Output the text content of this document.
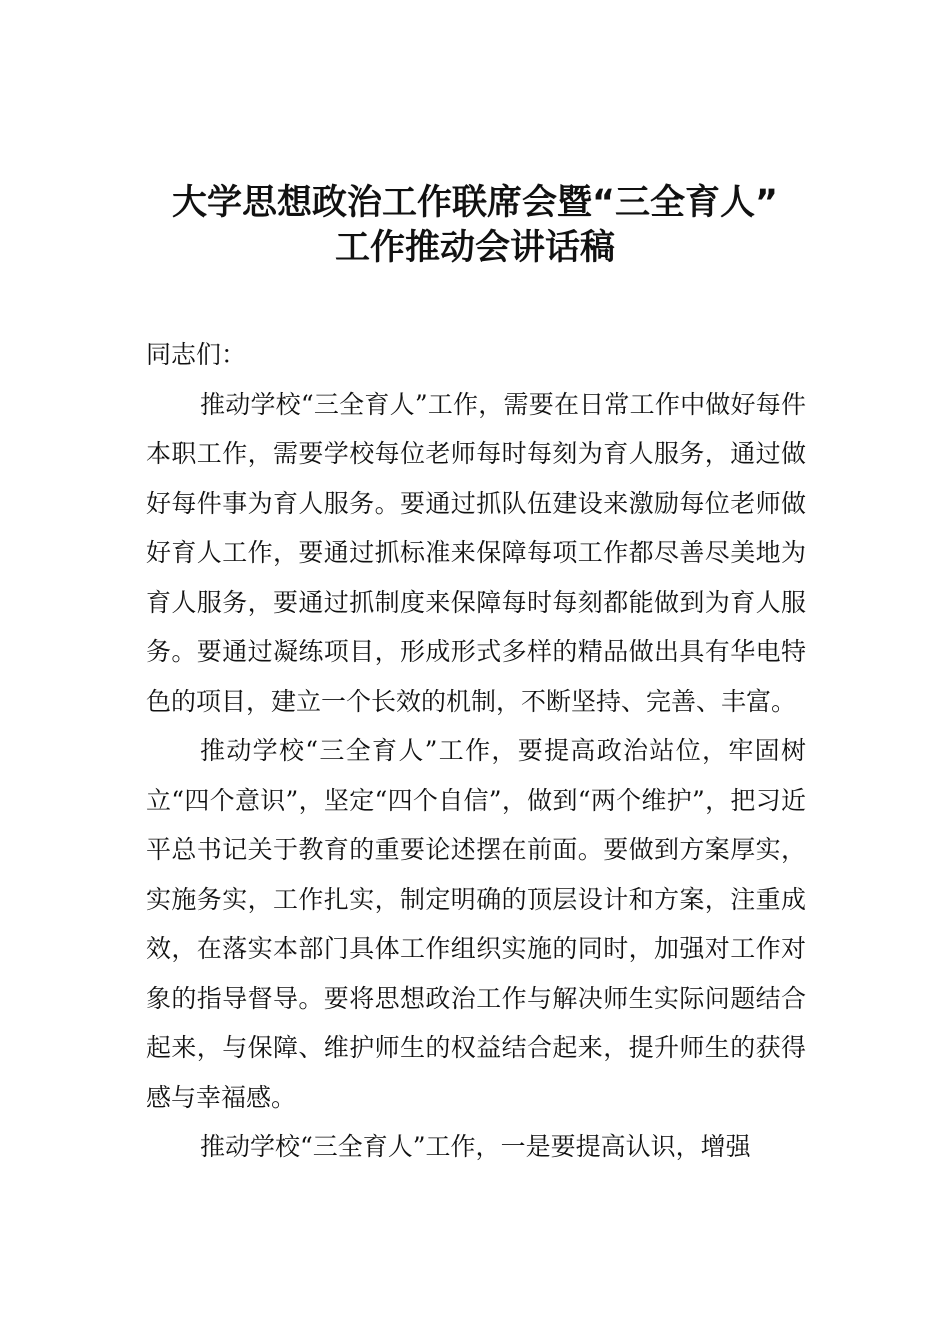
大学思想政治工作联席会暨“三全育人”
工作推动会讲话稿

同志们：

推动学校“三全育人”工作，需要在日常工作中做好每件本职工作，需要学校每位老师每时每刻为育人服务，通过做好每件事为育人服务。要通过抓队伍建设来激励每位老师做好育人工作，要通过抓标准来保障每项工作都尽善尽美地为育人服务，要通过抓制度来保障每时每刻都能做到为育人服务。要通过凝练项目，形成形式多样的精品做出具有华电特色的项目，建立一个长效的机制，不断坚持、完善、丰富。

推动学校“三全育人”工作，要提高政治站位，牢固树立“四个意识”，坚定“四个自信”，做到“两个维护”，把习近平总书记关于教育的重要论述摆在前面。要做到方案厚实，实施务实，工作扎实，制定明确的顶层设计和方案，注重成效，在落实本部门具体工作组织实施的同时，加强对工作对象的指导督导。要将思想政治工作与解决师生实际问题结合起来，与保障、维护师生的权益结合起来，提升师生的获得感与幸福感。

推动学校“三全育人”工作，一是要提高认识，增强
